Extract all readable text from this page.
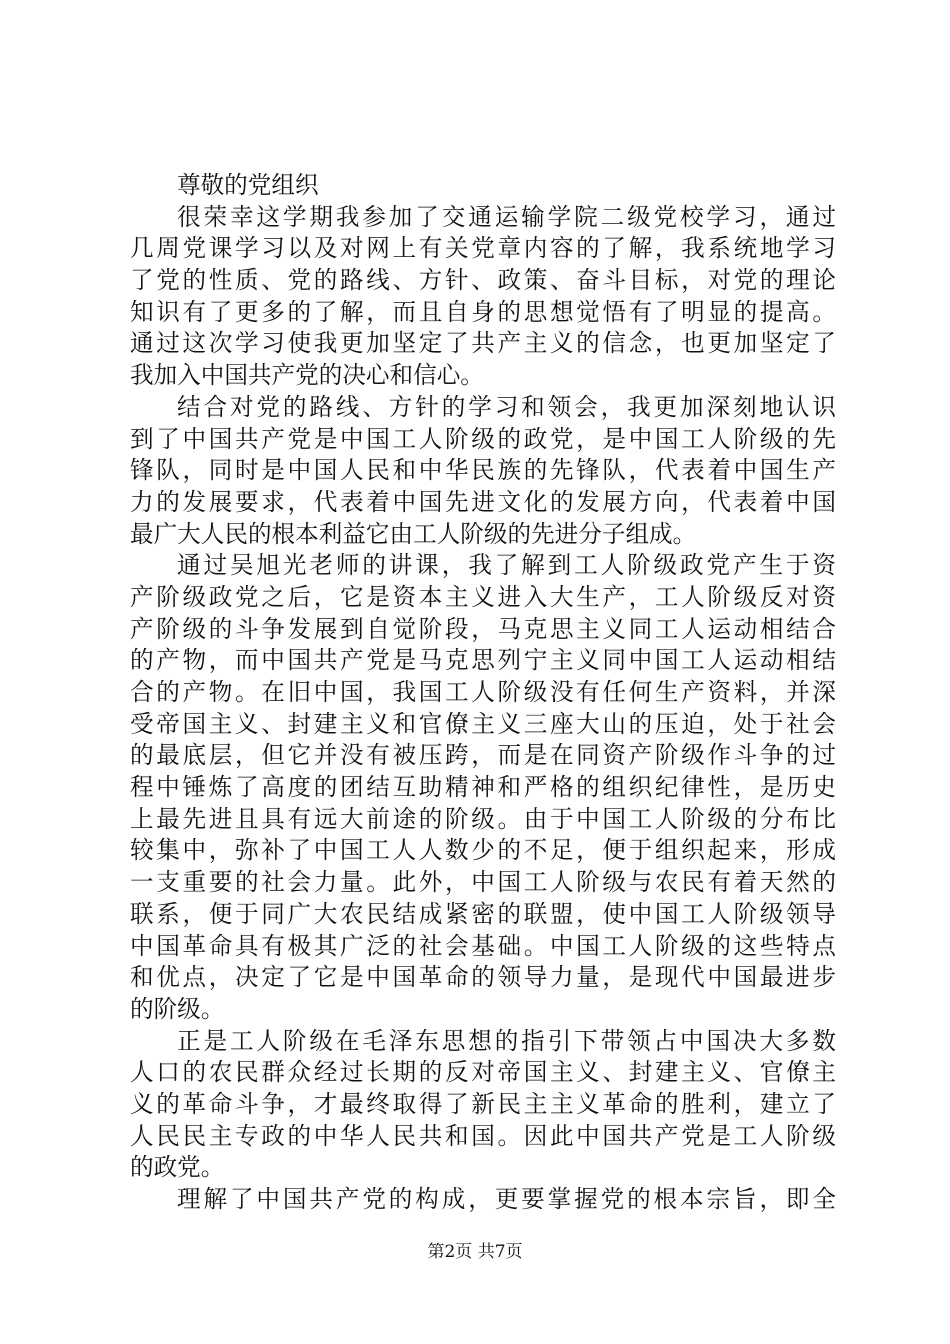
尊敬的党组织
很荣幸这学期我参加了交通运输学院二级党校学习，通过
几周党课学习以及对网上有关党章内容的了解，我系统地学习
了党的性质、党的路线、方针、政策、奋斗目标，对党的理论
知识有了更多的了解，而且自身的思想觉悟有了明显的提高。
通过这次学习使我更加坚定了共产主义的信念，也更加坚定了
我加入中国共产党的决心和信心。
结合对党的路线、方针的学习和领会，我更加深刻地认识
到了中国共产党是中国工人阶级的政党，是中国工人阶级的先
锋队，同时是中国人民和中华民族的先锋队，代表着中国生产
力的发展要求，代表着中国先进文化的发展方向，代表着中国
最广大人民的根本利益它由工人阶级的先进分子组成。
通过吴旭光老师的讲课，我了解到工人阶级政党产生于资
产阶级政党之后，它是资本主义进入大生产，工人阶级反对资
产阶级的斗争发展到自觉阶段，马克思主义同工人运动相结合
的产物，而中国共产党是马克思列宁主义同中国工人运动相结
合的产物。在旧中国，我国工人阶级没有任何生产资料，并深
受帝国主义、封建主义和官僚主义三座大山的压迫，处于社会
的最底层，但它并没有被压跨，而是在同资产阶级作斗争的过
程中锤炼了高度的团结互助精神和严格的组织纪律性，是历史
上最先进且具有远大前途的阶级。由于中国工人阶级的分布比
较集中，弥补了中国工人人数少的不足，便于组织起来，形成
一支重要的社会力量。此外，中国工人阶级与农民有着天然的
联系，便于同广大农民结成紧密的联盟，使中国工人阶级领导
中国革命具有极其广泛的社会基础。中国工人阶级的这些特点
和优点，决定了它是中国革命的领导力量，是现代中国最进步
的阶级。
正是工人阶级在毛泽东思想的指引下带领占中国决大多数
人口的农民群众经过长期的反对帝国主义、封建主义、官僚主
义的革命斗争，才最终取得了新民主主义革命的胜利，建立了
人民民主专政的中华人民共和国。因此中国共产党是工人阶级
的政党。
理解了中国共产党的构成，更要掌握党的根本宗旨，即全
第2页 共7页
